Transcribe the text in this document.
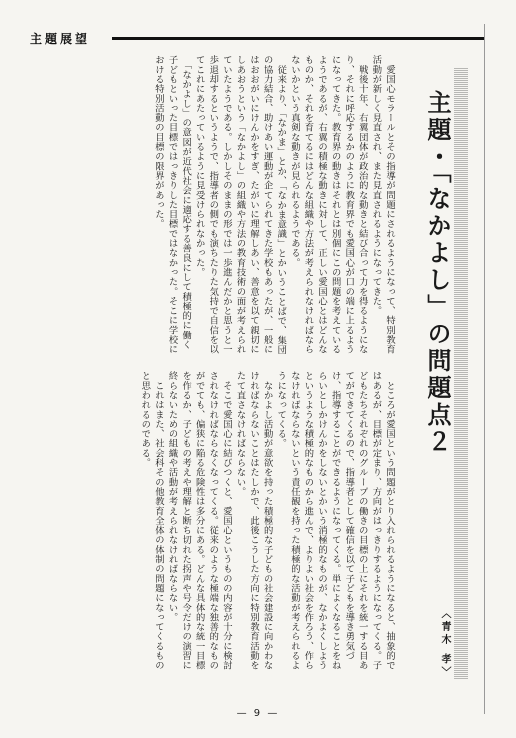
主題展望
　愛国心モラールとその指導が問題にされるようになって、特別教育活動が新しく見直され、また見直されるようになってきた。
　戦後十年、右翼団体が政治的な動きと結び合って力を得るようになり、それに呼応するかのように教育界でも愛国心が口の端に上るようになってきた。教育界の動きはそれとは別個にこの問題を考えているようであるが、右翼の積極な動きに対して、正しい愛国心とはどんなものか、それを育てるにはどんな組織や方法が考えられなければならないかという真剣な動きが見られるようである。
　従来より、「なかま」とか、「なかま意識」とかいうことばで、集団の協力結合、助けあい運動が企てられてきた学校もあったが、一般にはおおがいにけんかをすぎ、たがいに理解しあい、善意を以て親切にしあおうという「なかよし」の組織や方法の教育技術の面が考えられていたようである。しかしそのままの形では一歩進んだかと思うと一歩退却するというようで、指導者の側でも演ちたりた気持で自信を以てこれにあたっているように見受けられなかった。
　「なかよし」の意図が近代社会に適応する善良にして積極的に働く子どもといった目標ではっきりした目標ではなかった。そこに学校における特別活動の目標の限界があった。
　ところが愛国という問題がとり入れられるようになると、抽象的ではあるが、目標が定まり、方向がはっきりするようになってくる。子どもたちそれぞれのグループの働きの目標の上にそれを統一する目あてができてくるので、指導者として確信を以て子どもを導き勇気づけ、指導することができるようになってくる。単によくなることをねらいとしかけんかをしないとかいう消極的なものが、なかよくしようというような積極的なものから進んで、よりよい社会を作ろう、作らなければならないという責任観を持った積極的な活動が考えられるようになってくる。
　なかよし活動が意欲を持った積極的な子どもの社会建設に向かわなければならないことはたしかで、此後こうした方向に特別教育活動をたて直さなければならない。
　そこで愛国心に結びつくと、愛国心というものの内容が十分に検討されなければならなくなってくる。従来のような極端な独善的なものがでても、偏狭に陥る危険性は多分にある。どんな具体的な統一目標を作るか、子どもの考えや理解と断ち切れた拐声や号令だけの演習に終らないための組織や活動が考えられなければならない。
　これはまた、社会科その他教育全体の体制の問題になってくるものと思われるのである。	主題・「なかよし」の問題点２
〈青木 孝〉
— 9 —
